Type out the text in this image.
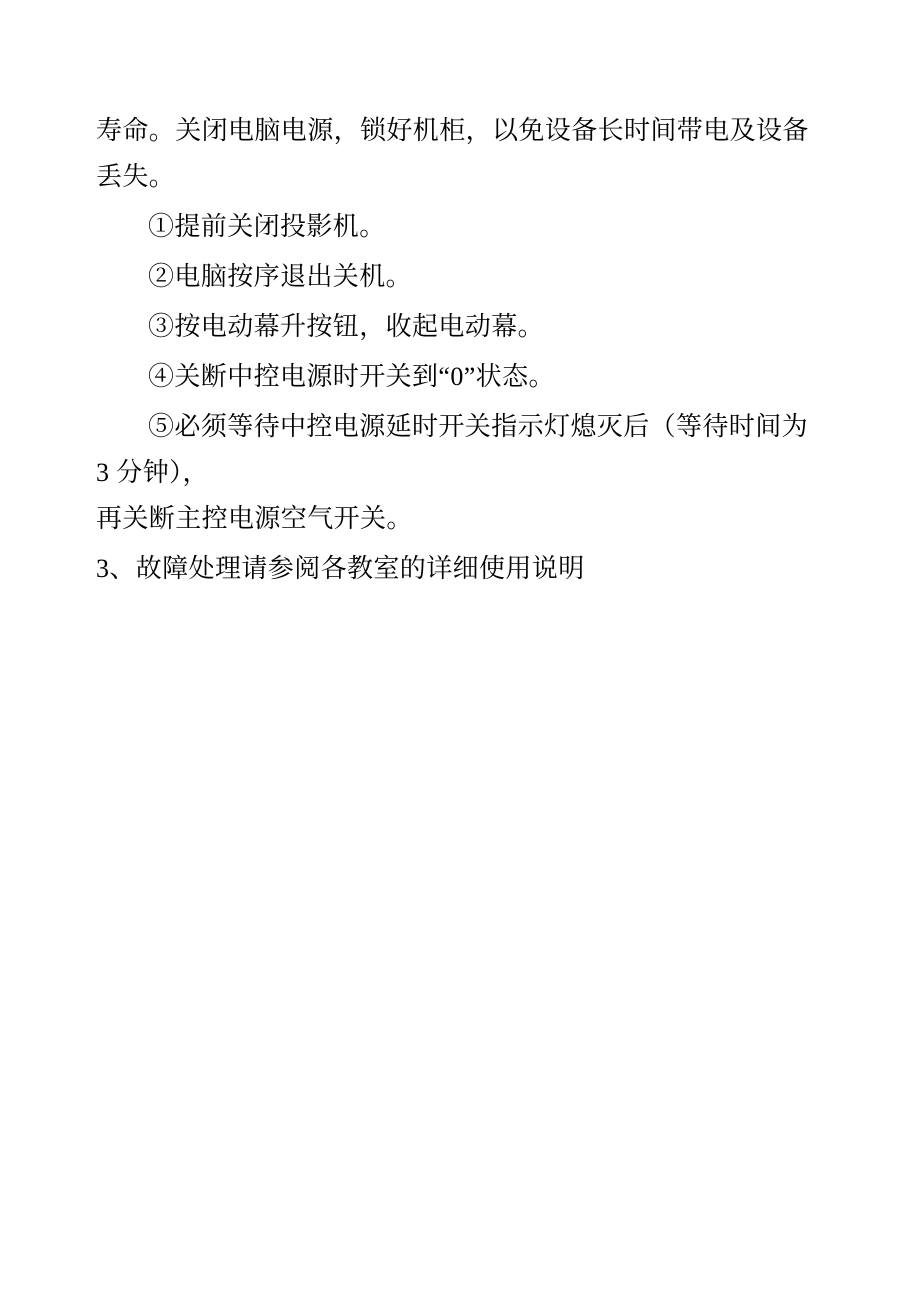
寿命。关闭电脑电源，锁好机柜，以免设备长时间带电及设备丢失。

①提前关闭投影机。

②电脑按序退出关机。

③按电动幕升按钮，收起电动幕。

④关断中控电源时开关到“0”状态。

⑤必须等待中控电源延时开关指示灯熄灭后（等待时间为 3 分钟），

再关断主控电源空气开关。

3、故障处理请参阅各教室的详细使用说明
